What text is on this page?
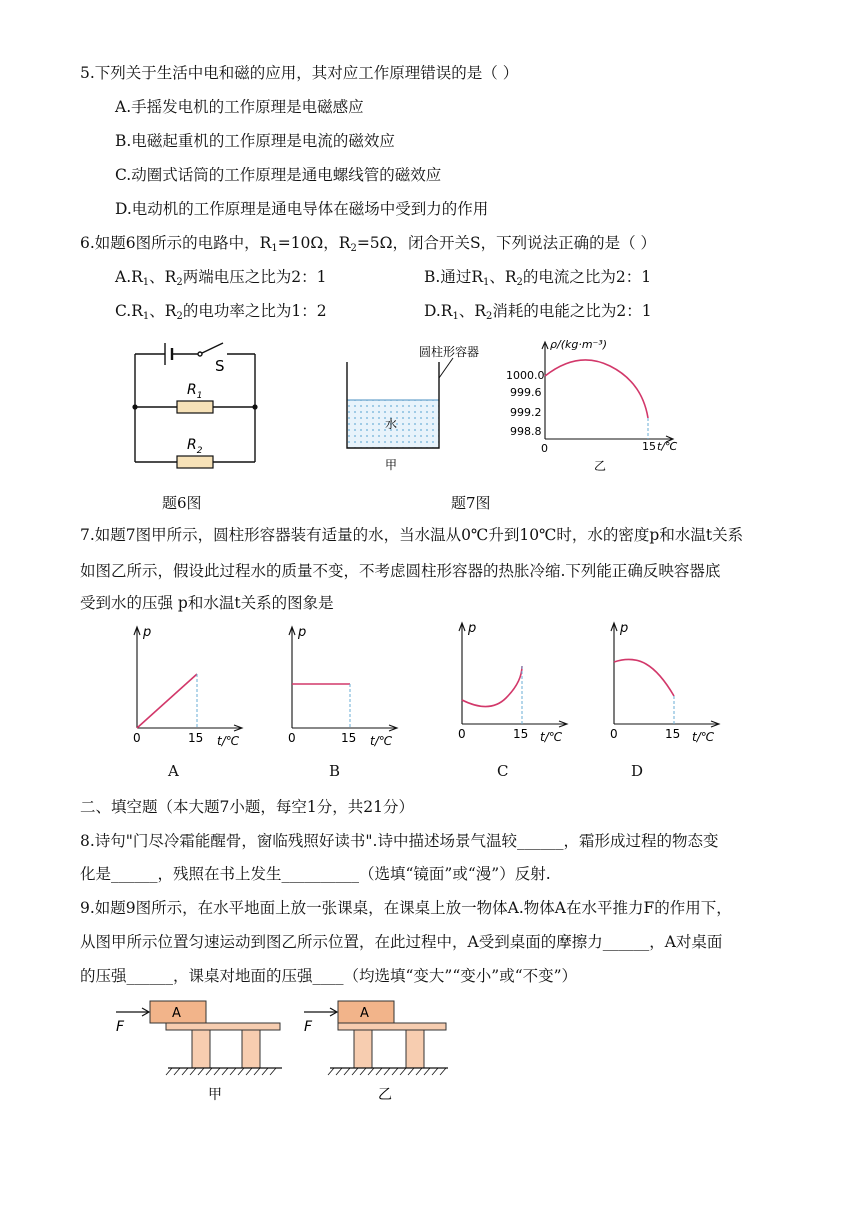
5.下列关于生活中电和磁的应用，其对应工作原理错误的是（ ）
A.手摇发电机的工作原理是电磁感应
B.电磁起重机的工作原理是电流的磁效应
C.动圈式话筒的工作原理是通电螺线管的磁效应
D.电动机的工作原理是通电导体在磁场中受到力的作用
6.如题6图所示的电路中，$R_1=10\Omega$，$R_2=5\Omega$，闭合开关S，下列说法正确的是（ ）
$A.R_1$、$R_2$两端电压之比为2：1	B.通过$R_1$、$R_2$的电流之比为2：1
$C.R_1$、$R_2$的电功率之比为1：2	$D.R_1$、$R_2$消耗的电能之比为2：1
S
$R_1$
$R_2$
题6图
圆柱形容器
水
甲
ρ/(kg·m⁻³)
1000.0
999.6
999.2
998.8
0	15 t/℃
乙
题7图
7.如题7图甲所示，圆柱形容器装有适量的水，当水温从0℃升到10℃时，水的密度p和水温t关系
如图乙所示，假设此过程水的质量不变，不考虑圆柱形容器的热胀冷缩.下列能正确反映容器底
受到水的压强 p和水温t关系的图象是
p
0	15 t/℃
A
p
0	15 t/℃
B
p
0	15 t/℃
C
p
0	15 t/℃
D
二、填空题（本大题7小题，每空1分，共21分）
8.诗句"门尽冷霜能醒骨，窗临残照好读书".诗中描述场景气温较______，霜形成过程的物态变
化是______，残照在书上发生__________（选填“镜面”或“漫”）反射.
9.如题9图所示，在水平地面上放一张课桌，在课桌上放一物体A.物体A在水平推力F的作用下，
从图甲所示位置匀速运动到图乙所示位置，在此过程中，A受到桌面的摩擦力______，A对桌面
的压强______，课桌对地面的压强____（均选填“变大”“变小”或“不变”）
F
A
甲
F
A
乙
